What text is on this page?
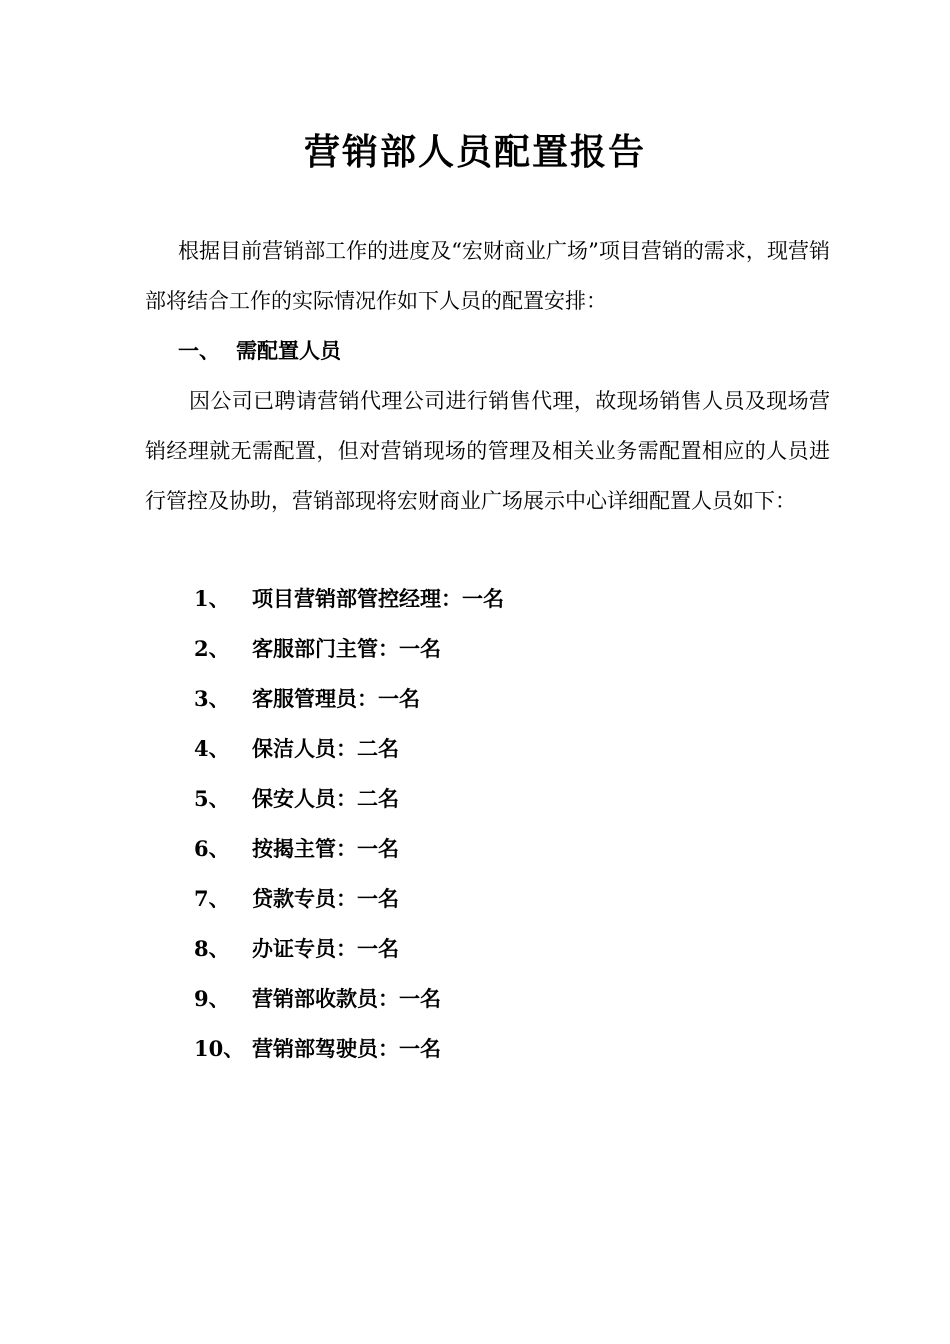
营销部人员配置报告
根据目前营销部工作的进度及“宏财商业广场”项目营销的需求，现营销部将结合工作的实际情况作如下人员的配置安排：
一、 需配置人员
因公司已聘请营销代理公司进行销售代理，故现场销售人员及现场营销经理就无需配置，但对营销现场的管理及相关业务需配置相应的人员进行管控及协助，营销部现将宏财商业广场展示中心详细配置人员如下：
1、 项目营销部管控经理：一名
2、 客服部门主管：一名
3、 客服管理员：一名
4、 保洁人员：二名
5、 保安人员：二名
6、 按揭主管：一名
7、 贷款专员：一名
8、 办证专员：一名
9、 营销部收款员：一名
10、 营销部驾驶员：一名
